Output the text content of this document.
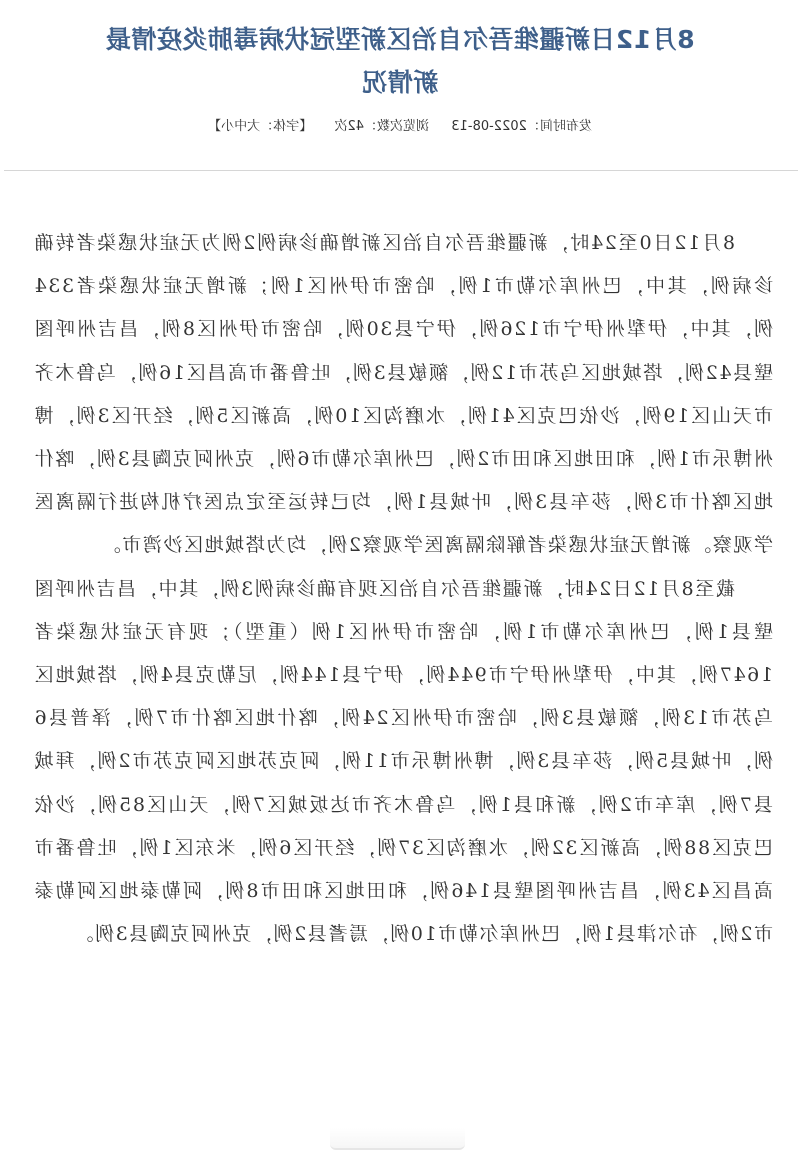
8月12日新疆维吾尔自治区新型冠状病毒肺炎疫情最新情况
发布时间：2022-08-13  浏览次数：42次  【字体：大中小】

8月12日0至24时，新疆维吾尔自治区新增确诊病例2例为无症状感染者转确诊病例，其中，巴州库尔勒市1例，哈密市伊州区1例；新增无症状感染者334例，其中，伊犁州伊宁市126例，伊宁县30例，哈密市伊州区8例，昌吉州呼图壁县42例，塔城地区乌苏市12例，额敏县3例，吐鲁番市高昌区16例，乌鲁木齐市天山区19例，沙依巴克区41例，水磨沟区10例，高新区5例，经开区3例，博州博乐市1例，和田地区和田市2例，巴州库尔勒市6例，克州阿克陶县3例，喀什地区喀什市3例，莎车县3例，叶城县1例，均已转运至定点医疗机构进行隔离医学观察。新增无症状感染者解除隔离医学观察2例，均为塔城地区沙湾市。

截至8月12日24时，新疆维吾尔自治区现有确诊病例3例，其中，昌吉州呼图壁县1例，巴州库尔勒市1例，哈密市伊州区1例（重型）；现有无症状感染者1647例，其中，伊犁州伊宁市944例，伊宁县144例，尼勒克县4例，塔城地区乌苏市13例，额敏县3例，哈密市伊州区24例，喀什地区喀什市7例，泽普县6例，叶城县5例，莎车县3例，博州博乐市11例，阿克苏地区阿克苏市2例，拜城县7例，库车市2例，新和县1例，乌鲁木齐市达坂城区7例，天山区85例，沙依巴克区88例，高新区32例，水磨沟区37例，经开区6例，米东区1例，吐鲁番市高昌区43例，昌吉州呼图壁县146例，和田地区和田市8例，阿勒泰地区阿勒泰市2例，布尔津县1例，巴州库尔勒市10例，焉耆县2例，克州阿克陶县3例。
